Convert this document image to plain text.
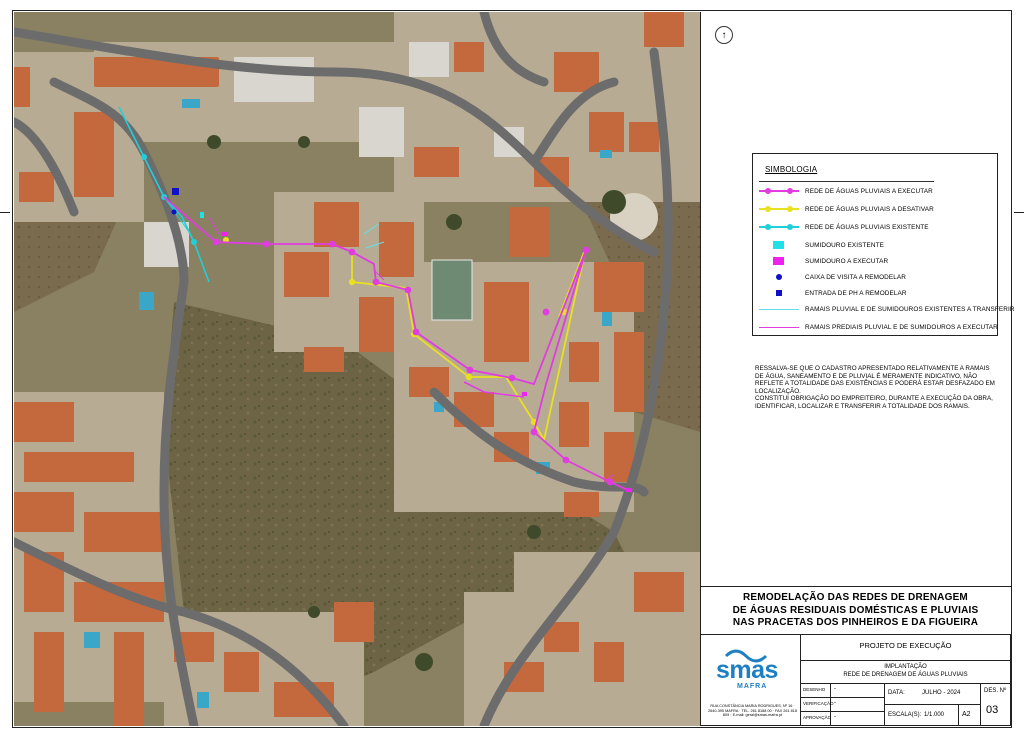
↑
SIMBOLOGIA
REDE DE ÁGUAS PLUVIAIS A EXECUTAR
REDE DE ÁGUAS PLUVIAIS A DESATIVAR
REDE DE ÁGUAS PLUVIAIS EXISTENTE
SUMIDOURO EXISTENTE
SUMIDOURO A EXECUTAR
CAIXA DE VISITA A REMODELAR
ENTRADA DE PH A REMODELAR
RAMAIS PLUVIAL E DE SUMIDOUROS EXISTENTES A TRANSFERIR
RAMAIS PREDIAIS PLUVIAL E DE SUMIDOUROS A EXECUTAR

RESSALVA-SE QUE O CADASTRO APRESENTADO RELATIVAMENTE A RAMAIS DE ÁGUA, SANEAMENTO E DE PLUVIAL É MERAMENTE INDICATIVO, NÃO REFLETE A TOTALIDADE DAS EXISTÊNCIAS E PODERÁ ESTAR DESFAZADO EM LOCALIZAÇÃO.

CONSTITUI OBRIGAÇÃO DO EMPREITEIRO, DURANTE A EXECUÇÃO DA OBRA, IDENTIFICAR, LOCALIZAR E TRANSFERIR A TOTALIDADE DOS RAMAIS.

REMODELAÇÃO DAS REDES DE DRENAGEM
DE ÁGUAS RESIDUAIS DOMÉSTICAS E PLUVIAIS
NAS PRACETAS DOS PINHEIROS E DA FIGUEIRA
PROJETO DE EXECUÇÃO
IMPLANTAÇÃO
REDE DE DRENAGEM DE ÁGUAS PLUVIAIS
DESENHO -
VERIFICAÇÃO -
APROVAÇÃO -
DATA:	JULHO - 2024
ESCALA(S): 1/1.000	A2
DES. Nº
03
smas
MAFRA
RUA CONSTÂNCIA MARIA RODRIGUES, Nº 16 · 2640-395 MAFRA · TEL. 261 8188 00 · FAX 261 818 809 · E-mail: geral@smas-mafra.pt
